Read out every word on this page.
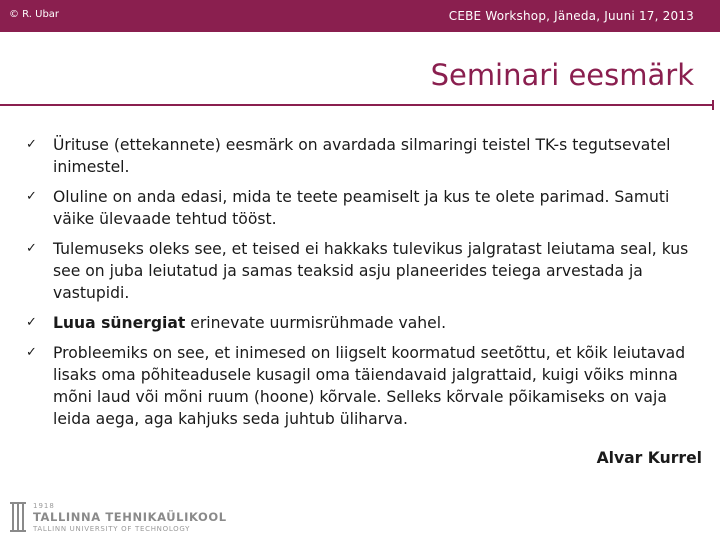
© R. Ubar	CEBE Workshop, Jäneda, Juuni 17, 2013
Seminari eesmärk
✓ Ürituse (ettekannete) eesmärk on avardada silmaringi teistel TK-s tegutsevatel inimestel.
✓ Oluline on anda edasi, mida te teete peamiselt ja kus te olete parimad. Samuti väike ülevaade tehtud tööst.
✓ Tulemuseks oleks see, et teised ei hakkaks tulevikus jalgratast leiutama seal, kus see on juba leiutatud ja samas teaksid asju planeerides teiega arvestada ja vastupidi.
✓ Luua sünergiat erinevate uurmisrühmade vahel.
✓ Probleemiks on see, et inimesed on liigselt koormatud seetõttu, et kõik leiutavad lisaks oma põhiteadusele kusagil oma täiendavaid jalgrattaid, kuigi võiks minna mõni laud või mõni ruum (hoone) kõrvale. Selleks kõrvale põikamiseks on vaja leida aega, aga kahjuks seda juhtub üliharva.
Alvar Kurrel
1918
TALLINNA TEHNIKAÜLIKOOL
TALLINN UNIVERSITY OF TECHNOLOGY
